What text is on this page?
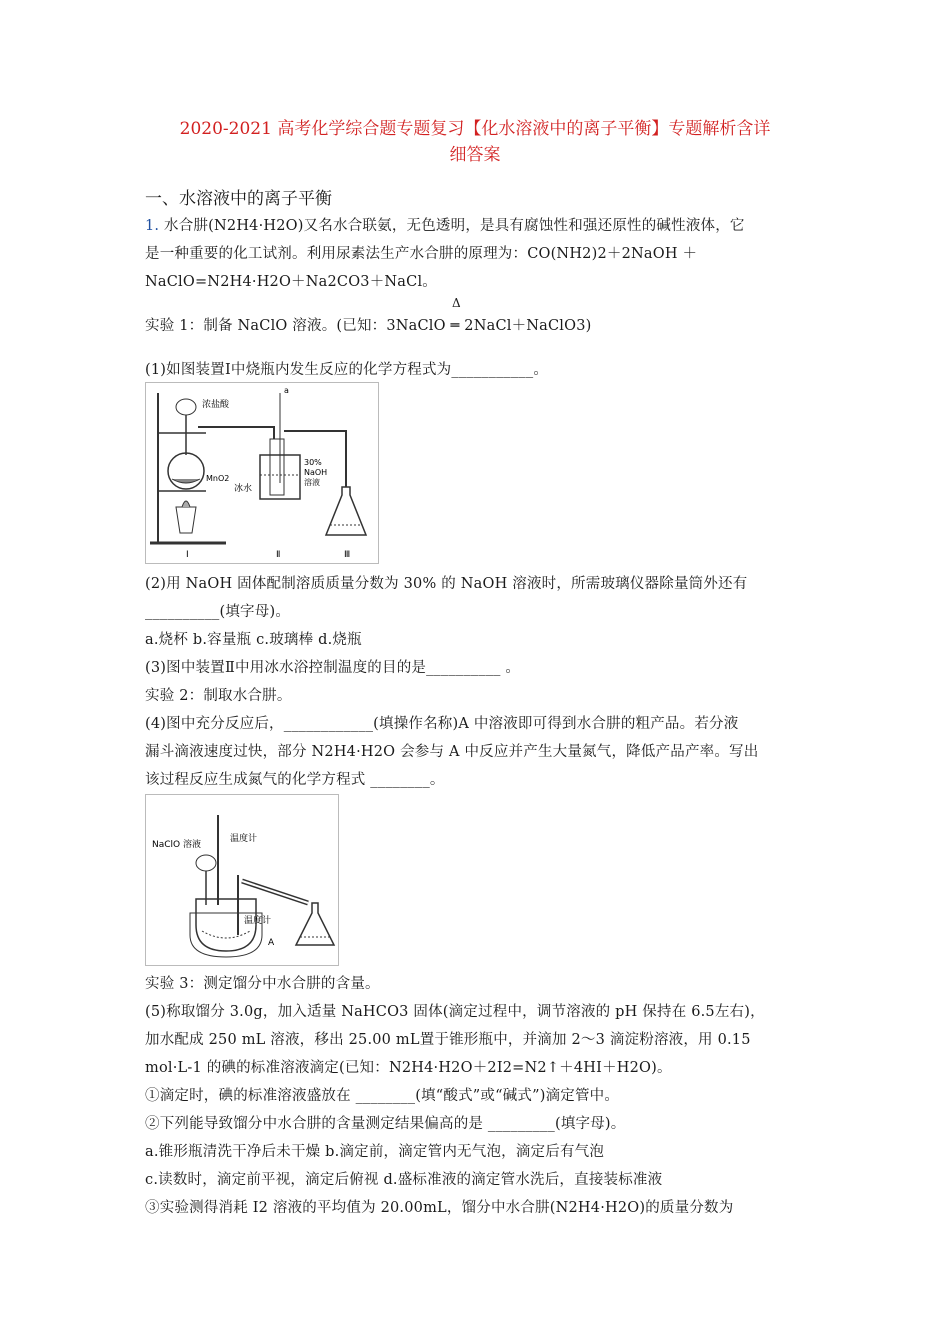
2020-2021 高考化学综合题专题复习【化水溶液中的离子平衡】专题解析含详
细答案
一、水溶液中的离子平衡
1. 水合肼(N2H4·H2O)又名水合联氨，无色透明，是具有腐蚀性和强还原性的碱性液体，它
是一种重要的化工试剂。利用尿素法生产水合肼的原理为：CO(NH2)2＋2NaOH ＋
NaClO=N2H4·H2O＋Na2CO3＋NaCl。
Δ
实验 1：制备 NaClO 溶液。(已知：3NaClO ═ 2NaCl＋NaClO3)
(1)如图装置Ⅰ中烧瓶内发生反应的化学方程式为___________。
a
浓盐酸
MnO2
30%
NaOH
溶液
冰水
Ⅰ	Ⅱ	Ⅲ
(2)用 NaOH 固体配制溶质质量分数为 30% 的 NaOH 溶液时，所需玻璃仪器除量筒外还有
__________(填字母)。
a.烧杯 b.容量瓶 c.玻璃棒 d.烧瓶
(3)图中装置Ⅱ中用冰水浴控制温度的目的是__________ 。
实验 2：制取水合肼。
(4)图中充分反应后，____________(填操作名称)A 中溶液即可得到水合肼的粗产品。若分液
漏斗滴液速度过快，部分 N2H4·H2O 会参与 A 中反应并产生大量氮气，降低产品产率。写出
该过程反应生成氮气的化学方程式 ________。
NaClO 溶液
温度计
温度计
A
实验 3：测定馏分中水合肼的含量。
(5)称取馏分 3.0g，加入适量 NaHCO3 固体(滴定过程中，调节溶液的 pH 保持在 6.5左右)，
加水配成 250 mL 溶液，移出 25.00 mL置于锥形瓶中，并滴加 2～3 滴淀粉溶液，用 0.15
mol·L-1 的碘的标准溶液滴定(已知：N2H4·H2O＋2I2=N2↑＋4HI＋H2O)。
①滴定时，碘的标准溶液盛放在 ________(填“酸式”或“碱式”)滴定管中。
②下列能导致馏分中水合肼的含量测定结果偏高的是 _________(填字母)。
a.锥形瓶清洗干净后未干燥 b.滴定前，滴定管内无气泡，滴定后有气泡
c.读数时，滴定前平视，滴定后俯视 d.盛标准液的滴定管水洗后，直接装标准液
③实验测得消耗 I2 溶液的平均值为 20.00mL，馏分中水合肼(N2H4·H2O)的质量分数为
